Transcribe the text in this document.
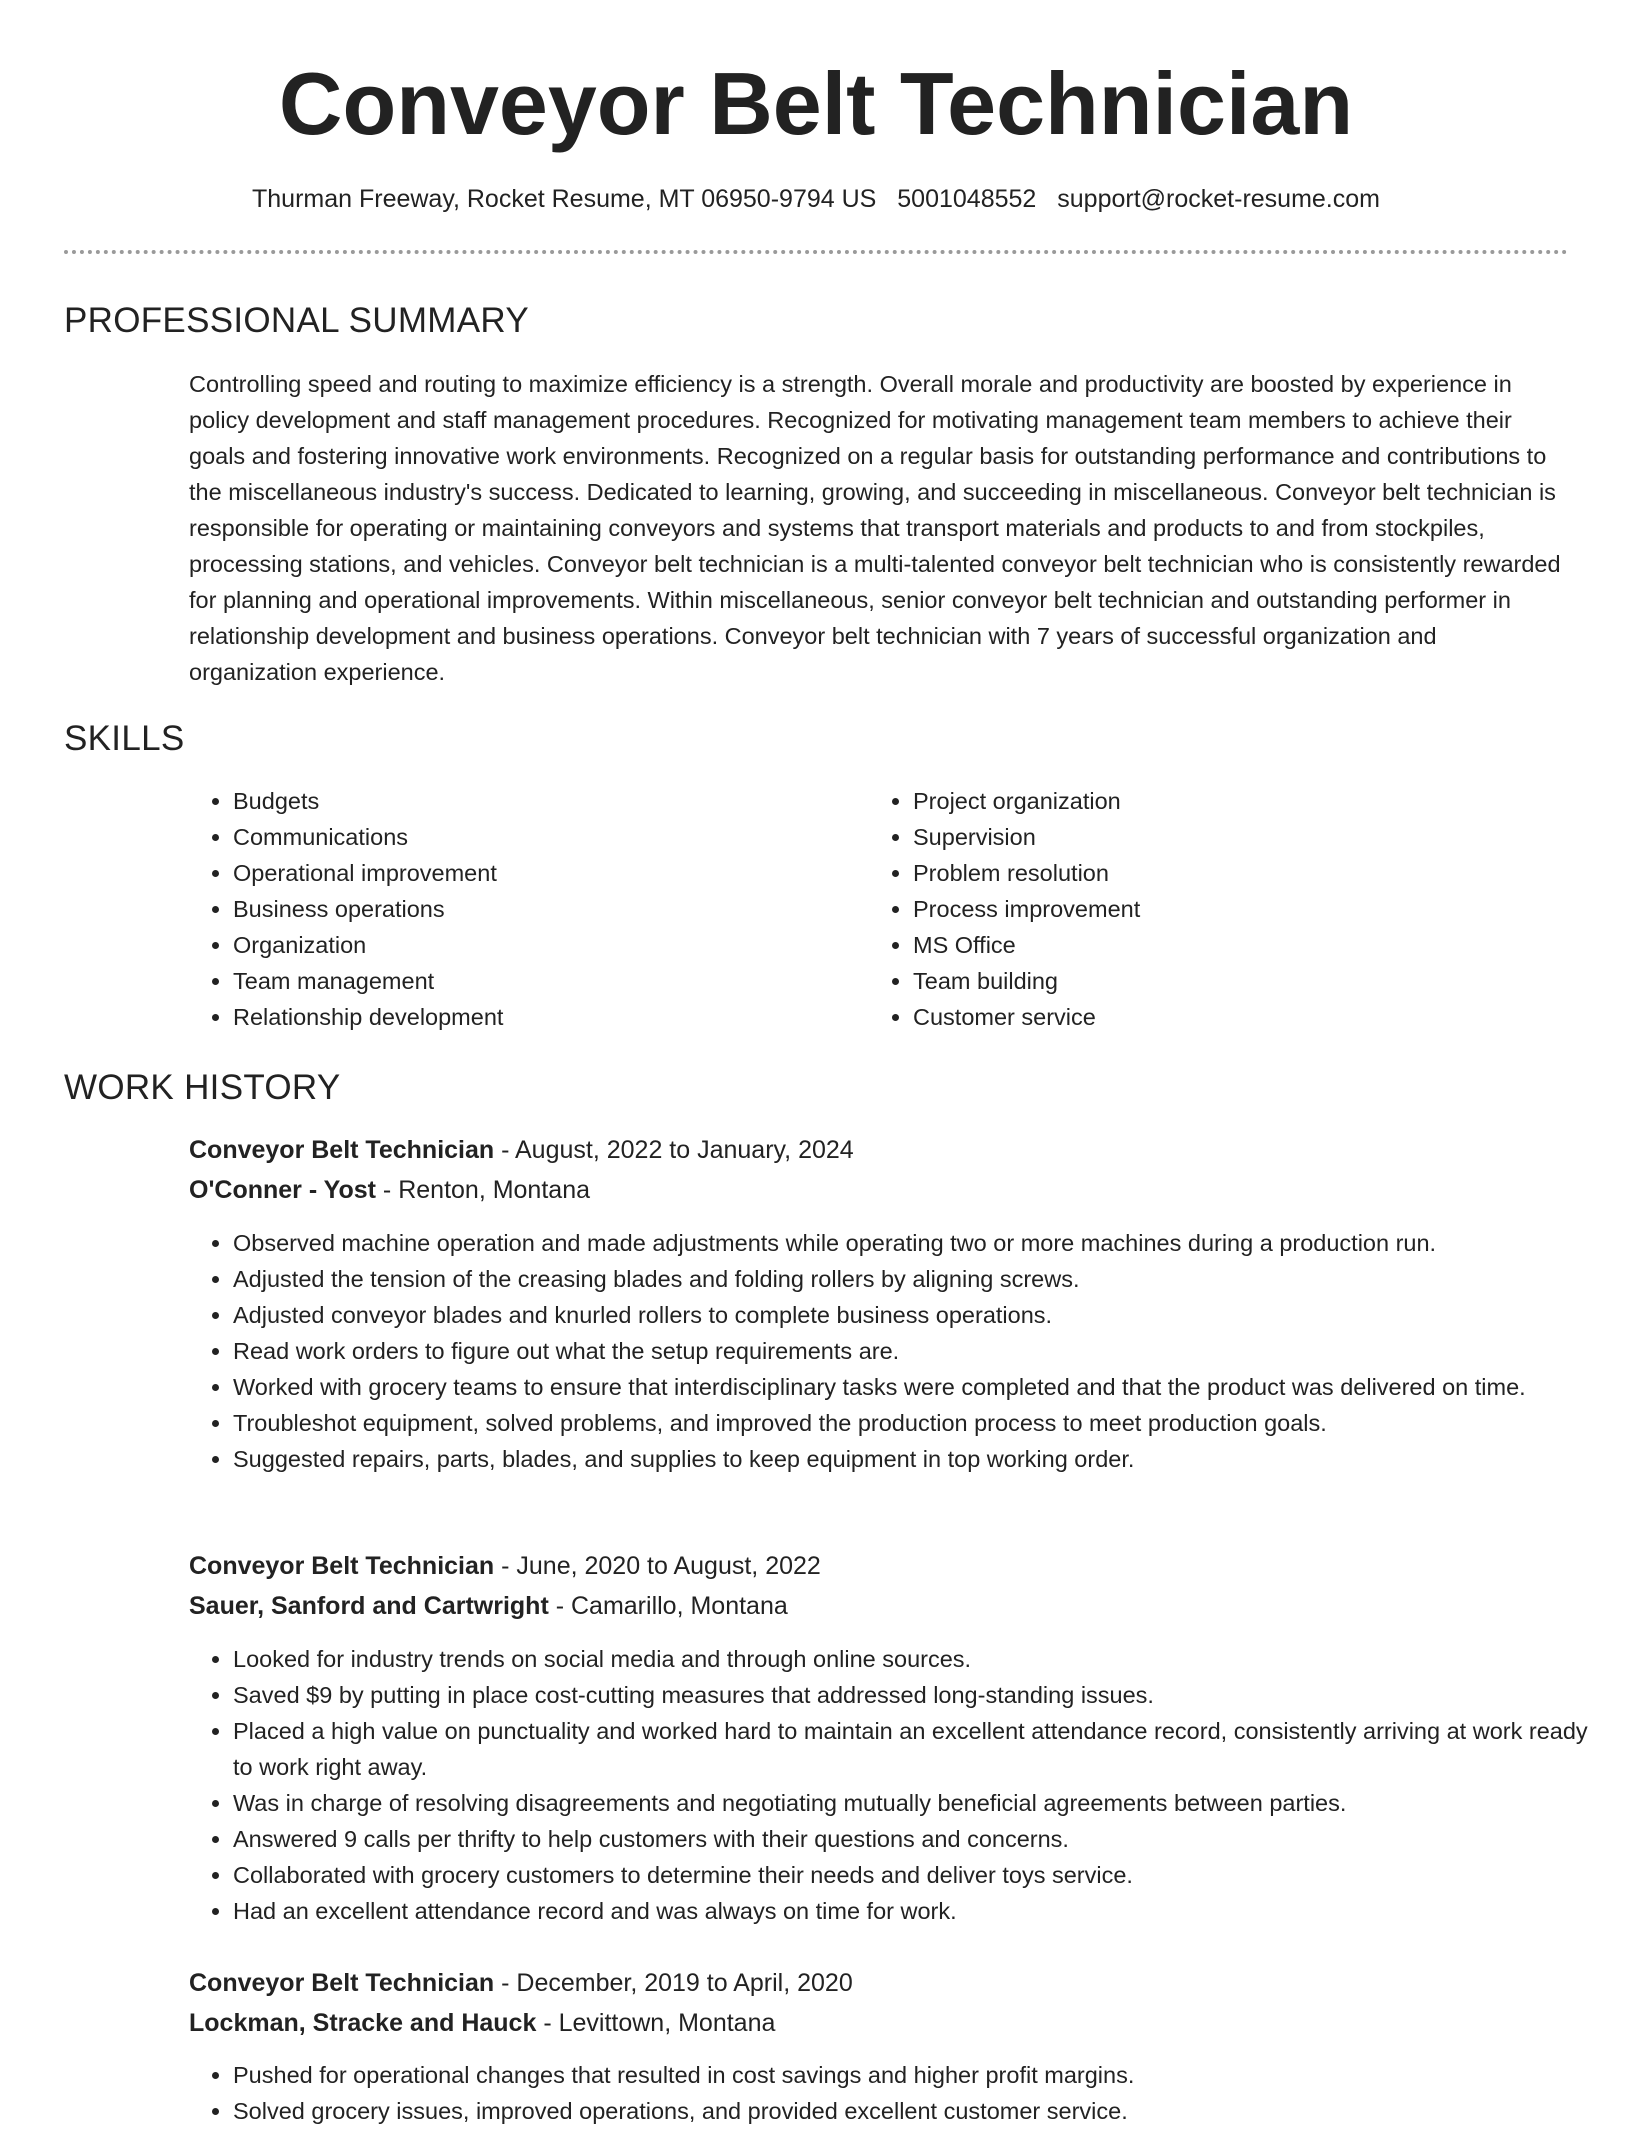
Conveyor Belt Technician
Thurman Freeway, Rocket Resume, MT 06950-9794 US 5001048552 support@rocket-resume.com
PROFESSIONAL SUMMARY

Controlling speed and routing to maximize efficiency is a strength. Overall morale and productivity are boosted by experience in policy development and staff management procedures. Recognized for motivating management team members to achieve their goals and fostering innovative work environments. Recognized on a regular basis for outstanding performance and contributions to the miscellaneous industry's success. Dedicated to learning, growing, and succeeding in miscellaneous. Conveyor belt technician is responsible for operating or maintaining conveyors and systems that transport materials and products to and from stockpiles, processing stations, and vehicles. Conveyor belt technician is a multi-talented conveyor belt technician who is consistently rewarded for planning and operational improvements. Within miscellaneous, senior conveyor belt technician and outstanding performer in relationship development and business operations. Conveyor belt technician with 7 years of successful organization and organization experience.

SKILLS
• Budgets
• Communications
• Operational improvement
• Business operations
• Organization
• Team management
• Relationship development
• Project organization
• Supervision
• Problem resolution
• Process improvement
• MS Office
• Team building
• Customer service
WORK HISTORY
Conveyor Belt Technician - August, 2022 to January, 2024
O'Conner - Yost - Renton, Montana
• Observed machine operation and made adjustments while operating two or more machines during a production run.
• Adjusted the tension of the creasing blades and folding rollers by aligning screws.
• Adjusted conveyor blades and knurled rollers to complete business operations.
• Read work orders to figure out what the setup requirements are.
• Worked with grocery teams to ensure that interdisciplinary tasks were completed and that the product was delivered on time.
• Troubleshot equipment, solved problems, and improved the production process to meet production goals.
• Suggested repairs, parts, blades, and supplies to keep equipment in top working order.
Conveyor Belt Technician - June, 2020 to August, 2022
Sauer, Sanford and Cartwright - Camarillo, Montana
• Looked for industry trends on social media and through online sources.
• Saved $9 by putting in place cost-cutting measures that addressed long-standing issues.
• Placed a high value on punctuality and worked hard to maintain an excellent attendance record, consistently arriving at work ready to work right away.
• Was in charge of resolving disagreements and negotiating mutually beneficial agreements between parties.
• Answered 9 calls per thrifty to help customers with their questions and concerns.
• Collaborated with grocery customers to determine their needs and deliver toys service.
• Had an excellent attendance record and was always on time for work.
Conveyor Belt Technician - December, 2019 to April, 2020
Lockman, Stracke and Hauck - Levittown, Montana
• Pushed for operational changes that resulted in cost savings and higher profit margins.
• Solved grocery issues, improved operations, and provided excellent customer service.
